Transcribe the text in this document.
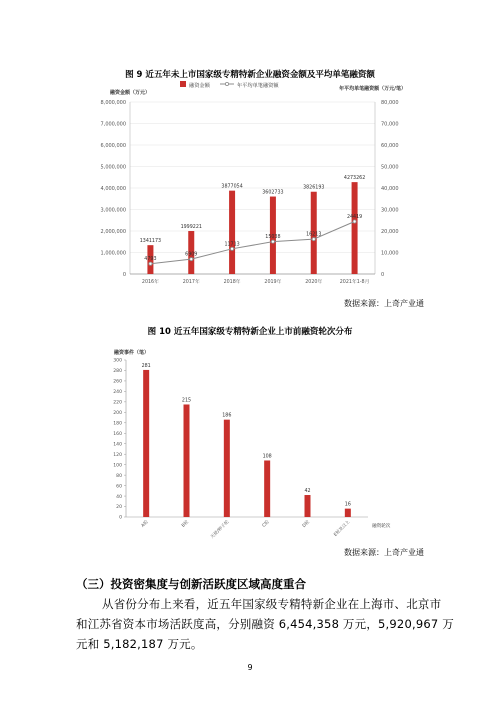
图 9 近五年未上市国家级专精特新企业融资金额及平均单笔融资额
融资金额	年平均单笔融资额
融资金额（万元）
年平均单笔融资额（万元/笔）
0	0
1,000,000	10,000
2,000,000	20,000
3,000,000	30,000
4,000,000	40,000
5,000,000	50,000
6,000,000	60,000
7,000,000	70,000
8,000,000	80,000
1341173
2016年
1999221
2017年
3877054
2018年
3602733
2019年
3826193
2020年
4273262
2021年1-8月
4793
6909
11713
15038
16213
24419
数据来源：上奇产业通
图 10 近五年国家级专精特新企业上市前融资轮次分布
融资事件（笔）
0
20
40
60
80
100
120
140
160
180
200
220
240
260
280
300
融资轮次
281
A轮
215
B轮
186
天使/种子轮
108
C轮
42
D轮
16
E轮及以上
数据来源：上奇产业通
（三）投资密集度与创新活跃度区域高度重合
从省份分布上来看，近五年国家级专精特新企业在上海市、北京市
和江苏省资本市场活跃度高，分别融资 6,454,358 万元，5,920,967 万
元和 5,182,187 万元。
9
